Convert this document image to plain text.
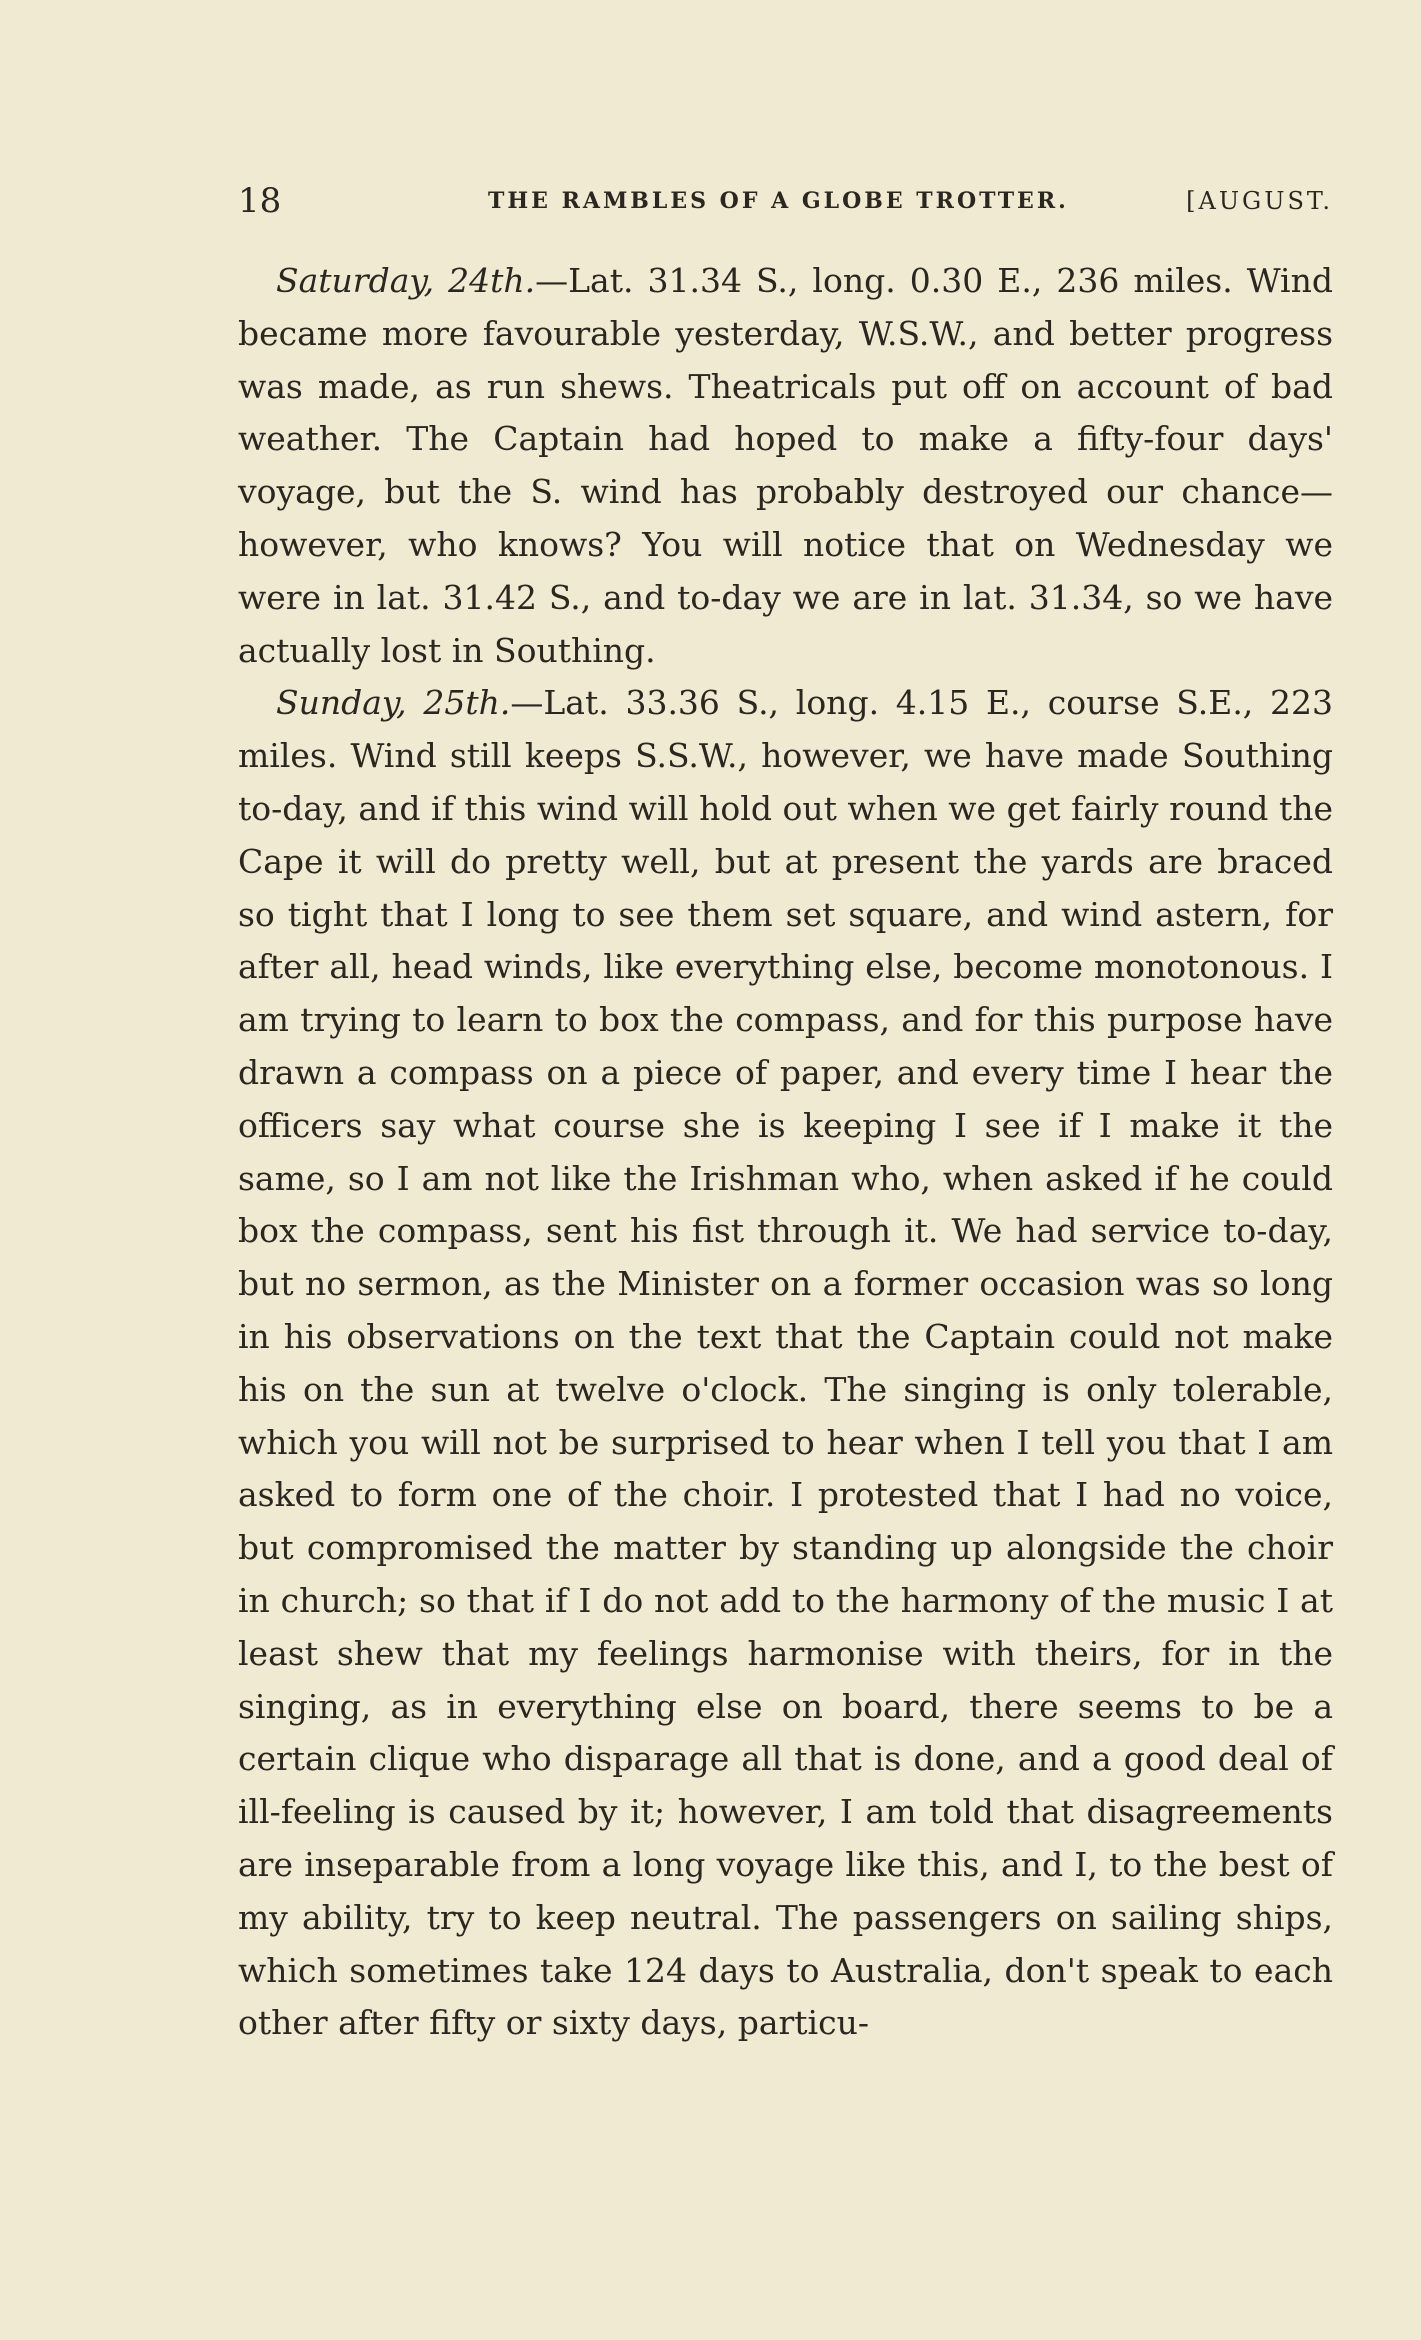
18	THE RAMBLES OF A GLOBE TROTTER.	[AUGUST.

Saturday, 24th.—Lat. 31.34 S., long. 0.30 E., 236 miles. Wind became more favourable yesterday, W.S.W., and better progress was made, as run shews. Theatricals put off on account of bad weather. The Captain had hoped to make a fifty-four days' voyage, but the S. wind has probably destroyed our chance—however, who knows? You will notice that on Wednesday we were in lat. 31.42 S., and to-day we are in lat. 31.34, so we have actually lost in Southing.

Sunday, 25th.—Lat. 33.36 S., long. 4.15 E., course S.E., 223 miles. Wind still keeps S.S.W., however, we have made Southing to-day, and if this wind will hold out when we get fairly round the Cape it will do pretty well, but at present the yards are braced so tight that I long to see them set square, and wind astern, for after all, head winds, like everything else, become monotonous. I am trying to learn to box the compass, and for this purpose have drawn a compass on a piece of paper, and every time I hear the officers say what course she is keeping I see if I make it the same, so I am not like the Irishman who, when asked if he could box the compass, sent his fist through it. We had service to-day, but no sermon, as the Minister on a former occasion was so long in his observations on the text that the Captain could not make his on the sun at twelve o'clock. The singing is only tolerable, which you will not be surprised to hear when I tell you that I am asked to form one of the choir. I protested that I had no voice, but compromised the matter by standing up alongside the choir in church; so that if I do not add to the harmony of the music I at least shew that my feelings harmonise with theirs, for in the singing, as in everything else on board, there seems to be a certain clique who disparage all that is done, and a good deal of ill-feeling is caused by it; however, I am told that disagreements are inseparable from a long voyage like this, and I, to the best of my ability, try to keep neutral. The passengers on sailing ships, which sometimes take 124 days to Australia, don't speak to each other after fifty or sixty days, particu-
